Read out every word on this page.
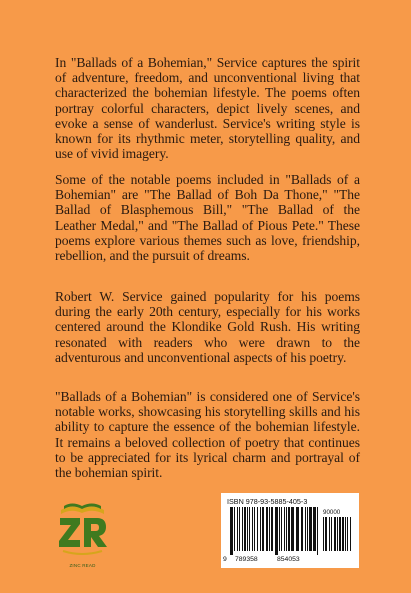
In "Ballads of a Bohemian," Service captures the spirit of adventure, freedom, and unconventional living that characterized the bohemian lifestyle. The poems often portray colorful characters, depict lively scenes, and evoke a sense of wanderlust. Service's writing style is known for its rhythmic meter, storytelling quality, and use of vivid imagery.
Some of the notable poems included in "Ballads of a Bohemian" are "The Ballad of Boh Da Thone," "The Ballad of Blasphemous Bill," "The Ballad of the Leather Medal," and "The Ballad of Pious Pete." These poems explore various themes such as love, friendship, rebellion, and the pursuit of dreams.
Robert W. Service gained popularity for his poems during the early 20th century, especially for his works centered around the Klondike Gold Rush. His writing resonated with readers who were drawn to the adventurous and unconventional aspects of his poetry.
"Ballads of a Bohemian" is considered one of Service's notable works, showcasing his storytelling skills and his ability to capture the essence of the bohemian lifestyle. It remains a beloved collection of poetry that continues to be appreciated for its lyrical charm and portrayal of the bohemian spirit.
ZINC READ
ISBN 978-93-5885-405-3
90000
9 789358	854053
